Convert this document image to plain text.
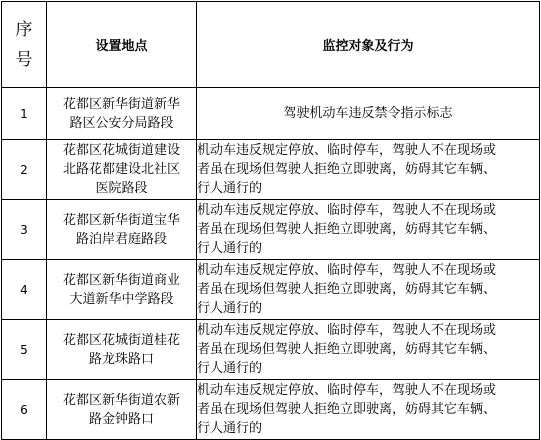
序
号	设置地点	监控对象及行为
1	花都区新华街道新华
路区公安分局路段	驾驶机动车违反禁令指示标志

2	花都区花城街道建设
北路花都建设北社区
医院路段	机动车违反规定停放、临时停车，驾驶人不在现场或
者虽在现场但驾驶人拒绝立即驶离，妨碍其它车辆、
行人通行的

3	花都区新华街道宝华
路泊岸君庭路段	机动车违反规定停放、临时停车，驾驶人不在现场或
者虽在现场但驾驶人拒绝立即驶离，妨碍其它车辆、
行人通行的

4	花都区新华街道商业
大道新华中学路段	机动车违反规定停放、临时停车，驾驶人不在现场或
者虽在现场但驾驶人拒绝立即驶离，妨碍其它车辆、
行人通行的

5	花都区花城街道桂花
路龙珠路口	机动车违反规定停放、临时停车，驾驶人不在现场或
者虽在现场但驾驶人拒绝立即驶离，妨碍其它车辆、
行人通行的

6	花都区新华街道农新
路金钟路口	机动车违反规定停放、临时停车，驾驶人不在现场或
者虽在现场但驾驶人拒绝立即驶离，妨碍其它车辆、
行人通行的
